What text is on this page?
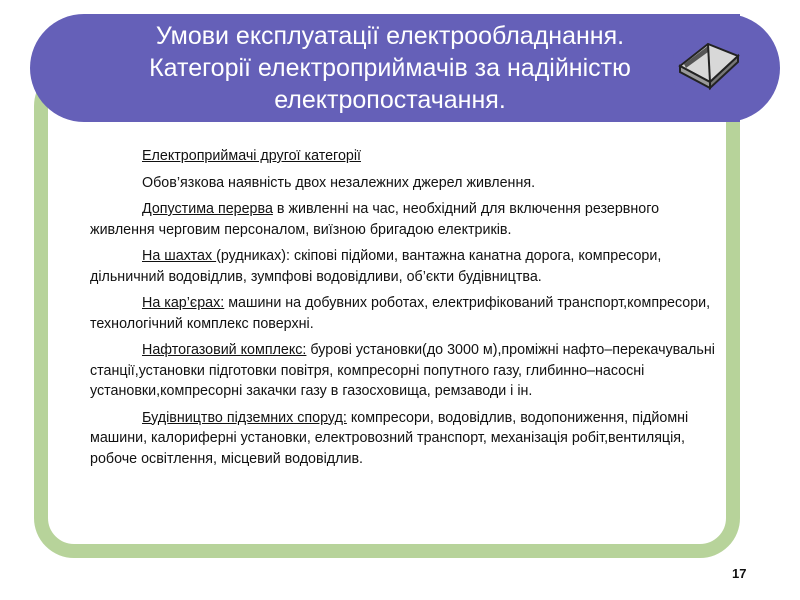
Умови експлуатації електрообладнання.
Категорії електроприймачів за надійністю
електропостачання.

Електроприймачі другої категорії

Обов’язкова наявність двох незалежних джерел живлення.

Допустима перерва в живленні на час, необхідний для включення резервного живлення черговим персоналом, виїзною бригадою електриків.

На шахтах (рудниках): скіпові підйоми, вантажна канатна дорога, компресори, дільничний водовідлив, зумпфові водовідливи, об’єкти будівництва.

На кар’єрах: машини на добувних роботах, електрифікований транспорт,компресори, технологічний комплекс поверхні.

Нафтогазовий комплекс: бурові установки(до 3000 м),проміжні нафто–перекачувальні станції,установки підготовки повітря, компресорні попутного газу, глибинно–насосні установки,компресорні закачки газу в газосховища, ремзаводи і ін.

Будівництво підземних споруд: компресори, водовідлив, водопониження, підйомні машини, калориферні установки, електровозний транспорт, механізація робіт,вентиляція, робоче освітлення, місцевий водовідлив.

17
